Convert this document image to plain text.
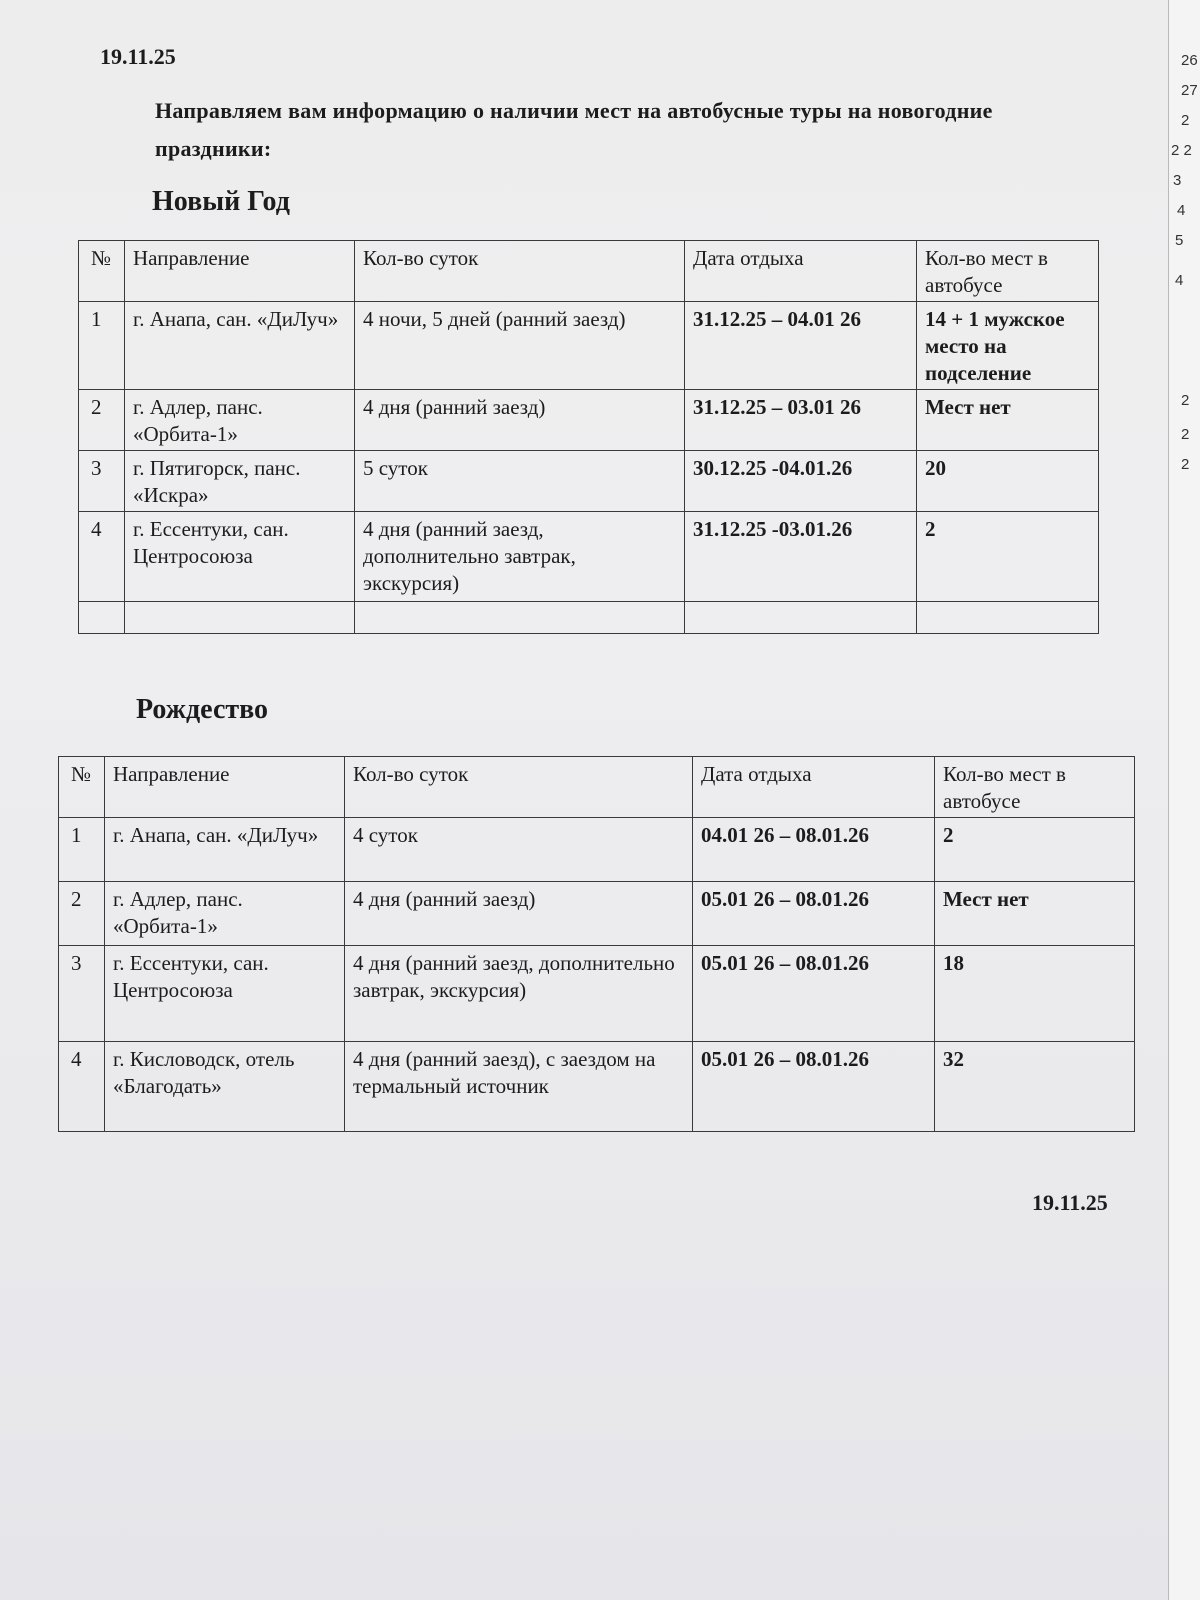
19.11.25
Направляем вам информацию о наличии мест на автобусные туры на новогодние праздники:
Новый Год
№	Направление	Кол-во суток	Дата отдыха	Кол-во мест в автобусе
1	г. Анапа, сан. «ДиЛуч»	4 ночи, 5 дней (ранний заезд)	31.12.25 – 04.01 26	14 + 1 мужское место на подселение
2	г. Адлер, панс. «Орбита-1»	4 дня (ранний заезд)	31.12.25 – 03.01 26	Мест нет
3	г. Пятигорск, панс. «Искра»	5 суток	30.12.25 -04.01.26	20
4	г. Ессентуки, сан. Центросоюза	4 дня (ранний заезд, дополнительно завтрак, экскурсия)	31.12.25 -03.01.26	2

Рождество
№	Направление	Кол-во суток	Дата отдыха	Кол-во мест в автобусе
1	г. Анапа, сан. «ДиЛуч»	4 суток	04.01 26 – 08.01.26	2
2	г. Адлер, панс. «Орбита-1»	4 дня (ранний заезд)	05.01 26 – 08.01.26	Мест нет
3	г. Ессентуки, сан. Центросоюза	4 дня (ранний заезд, дополнительно завтрак, экскурсия)	05.01 26 – 08.01.26	18
4	г. Кисловодск, отель «Благодать»	4 дня (ранний заезд), с заездом на термальный источник	05.01 26 – 08.01.26	32
19.11.25
26
27
2
2 2
3
4
5
4
2
2
2
